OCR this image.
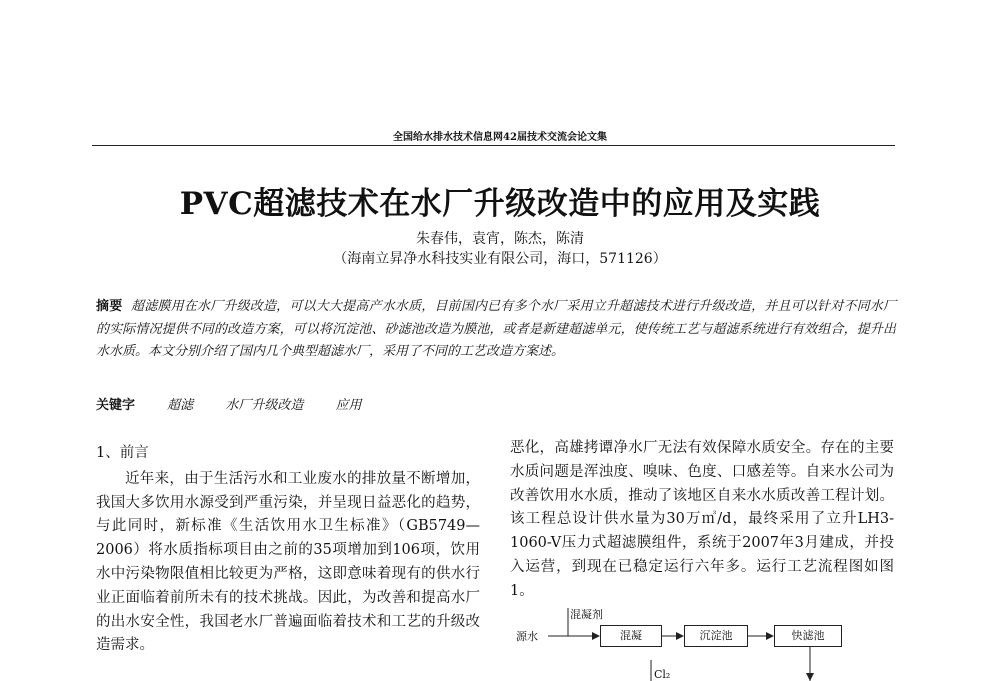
全国给水排水技术信息网42届技术交流会论文集
PVC超滤技术在水厂升级改造中的应用及实践
朱春伟，袁宵，陈杰，陈清
（海南立昇净水科技实业有限公司，海口，571126）
摘要 超滤膜用在水厂升级改造，可以大大提高产水水质，目前国内已有多个水厂采用立升超滤技术进行升级改造，并且可以针对不同水厂的实际情况提供不同的改造方案，可以将沉淀池、砂滤池改造为膜池，或者是新建超滤单元，使传统工艺与超滤系统进行有效组合，提升出水水质。本文分别介绍了国内几个典型超滤水厂，采用了不同的工艺改造方案述。
关键字 超滤 水厂升级改造 应用
1、前言

近年来，由于生活污水和工业废水的排放量不断增加，我国大多饮用水源受到严重污染，并呈现日益恶化的趋势，与此同时，新标准《生活饮用水卫生标准》（GB5749—2006）将水质指标项目由之前的35项增加到106项，饮用水中污染物限值相比较更为严格，这即意味着现有的供水行业正面临着前所未有的技术挑战。因此，为改善和提高水厂的出水安全性，我国老水厂普遍面临着技术和工艺的升级改造需求。

恶化，高雄拷谭净水厂无法有效保障水质安全。存在的主要水质问题是浑浊度、嗅味、色度、口感差等。自来水公司为改善饮用水水质，推动了该地区自来水水质改善工程计划。该工程总设计供水量为30万㎥/d，最终采用了立升LH3-1060-V压力式超滤膜组件，系统于2007年3月建成，并投入运营，到现在已稳定运行六年多。运行工艺流程图如图1。

混凝剂
源水	混凝	沉淀池	快滤池
Cl₂
